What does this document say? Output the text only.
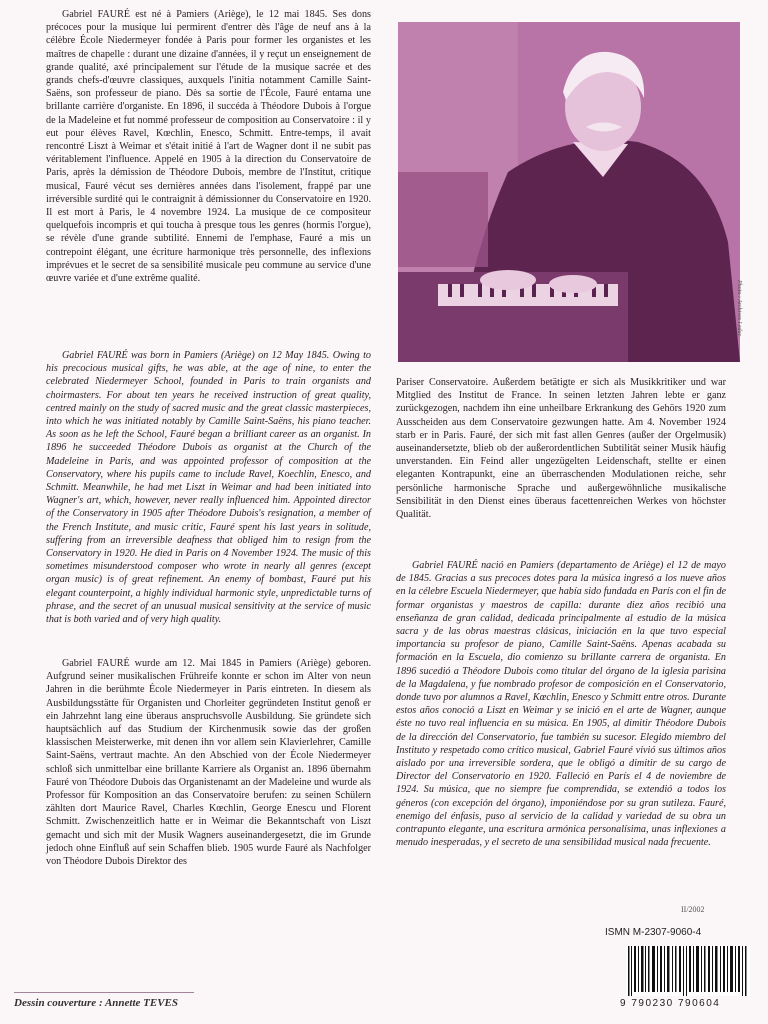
Gabriel FAURÉ est né à Pamiers (Ariège), le 12 mai 1845. Ses dons précoces pour la musique lui permirent d'entrer dès l'âge de neuf ans à la célèbre École Niedermeyer fondée à Paris pour former les organistes et les maîtres de chapelle : durant une dizaine d'années, il y reçut un enseignement de grande qualité, axé principalement sur l'étude de la musique sacrée et des grands chefs-d'œuvre classiques, auxquels l'initia notamment Camille Saint-Saëns, son professeur de piano. Dès sa sortie de l'École, Fauré entama une brillante carrière d'organiste. En 1896, il succéda à Théodore Dubois à l'orgue de la Madeleine et fut nommé professeur de composition au Conservatoire : il y eut pour élèves Ravel, Kœchlin, Enesco, Schmitt. Entre-temps, il avait rencontré Liszt à Weimar et s'était initié à l'art de Wagner dont il ne subit pas véritablement l'influence. Appelé en 1905 à la direction du Conservatoire de Paris, après la démission de Théodore Dubois, membre de l'Institut, critique musical, Fauré vécut ses dernières années dans l'isolement, frappé par une irréversible surdité qui le contraignit à démissionner du Conservatoire en 1920. Il est mort à Paris, le 4 novembre 1924. La musique de ce compositeur quelquefois incompris et qui toucha à presque tous les genres (hormis l'orgue), se révèle d'une grande subtilité. Ennemi de l'emphase, Fauré a mis un contrepoint élégant, une écriture harmonique très personnelle, des inflexions imprévues et le secret de sa sensibilité musicale peu commune au service d'une œuvre variée et d'une extrême qualité.

Gabriel FAURÉ was born in Pamiers (Ariège) on 12 May 1845. Owing to his precocious musical gifts, he was able, at the age of nine, to enter the celebrated Niedermeyer School, founded in Paris to train organists and choirmasters. For about ten years he received instruction of great quality, centred mainly on the study of sacred music and the great classic masterpieces, into which he was initiated notably by Camille Saint-Saëns, his piano teacher. As soon as he left the School, Fauré began a brilliant career as an organist. In 1896 he succeeded Théodore Dubois as organist at the Church of the Madeleine in Paris, and was appointed professor of composition at the Conservatory, where his pupils came to include Ravel, Koechlin, Enesco, and Schmitt. Meanwhile, he had met Liszt in Weimar and had been initiated into Wagner's art, which, however, never really influenced him. Appointed director of the Conservatory in 1905 after Théodore Dubois's resignation, a member of the French Institute, and music critic, Fauré spent his last years in solitude, suffering from an irreversible deafness that obliged him to resign from the Conservatory in 1920. He died in Paris on 4 November 1924. The music of this sometimes misunderstood composer who wrote in nearly all genres (except organ music) is of great refinement. An enemy of bombast, Fauré put his elegant counterpoint, a highly individual harmonic style, unpredictable turns of phrase, and the secret of an unusual musical sensitivity at the service of music that is both varied and of very high quality.

Gabriel FAURÉ wurde am 12. Mai 1845 in Pamiers (Ariège) geboren. Aufgrund seiner musikalischen Frühreife konnte er schon im Alter von neun Jahren in die berühmte École Niedermeyer in Paris eintreten. In diesem als Ausbildungsstätte für Organisten und Chorleiter gegründeten Institut genoß er ein Jahrzehnt lang eine überaus anspruchsvolle Ausbildung. Sie gründete sich hauptsächlich auf das Studium der Kirchenmusik sowie das der großen klassischen Meisterwerke, mit denen ihn vor allem sein Klavierlehrer, Camille Saint-Saëns, vertraut machte. An den Abschied von der École Niedermeyer schloß sich unmittelbar eine brillante Karriere als Organist an. 1896 übernahm Fauré von Théodore Dubois das Organistenamt an der Madeleine und wurde als Professor für Komposition an das Conservatoire berufen: zu seinen Schülern zählten dort Maurice Ravel, Charles Kœchlin, George Enescu und Florent Schmitt. Zwischenzeitlich hatte er in Weimar die Bekanntschaft von Liszt gemacht und sich mit der Musik Wagners auseinandergesetzt, die im Grunde jedoch ohne Einfluß auf sein Schaffen blieb. 1905 wurde Fauré als Nachfolger von Théodore Dubois Direktor des

Pariser Conservatoire. Außerdem betätigte er sich als Musikkritiker und war Mitglied des Institut de France. In seinen letzten Jahren lebte er ganz zurückgezogen, nachdem ihn eine unheilbare Erkrankung des Gehörs 1920 zum Ausscheiden aus dem Conservatoire gezwungen hatte. Am 4. November 1924 starb er in Paris. Fauré, der sich mit fast allen Genres (außer der Orgelmusik) auseinandersetzte, blieb ob der außerordentlichen Subtilität seiner Musik häufig unverstanden. Ein Feind aller ungezügelten Leidenschaft, stellte er einen eleganten Kontrapunkt, eine an überraschenden Modulationen reiche, sehr persönliche harmonische Sprache und außergewöhnliche musikalische Sensibilität in den Dienst eines überaus facettenreichen Werkes von höchster Qualität.

Gabriel FAURÉ nació en Pamiers (departamento de Ariège) el 12 de mayo de 1845. Gracias a sus precoces dotes para la música ingresó a los nueve años en la célebre Escuela Niedermeyer, que había sido fundada en París con el fin de formar organistas y maestros de capilla: durante diez años recibió una enseñanza de gran calidad, dedicada principalmente al estudio de la música sacra y de las obras maestras clásicas, iniciación en la que tuvo especial importancia su profesor de piano, Camille Saint-Saëns. Apenas acabada su formación en la Escuela, dio comienzo su brillante carrera de organista. En 1896 sucedió a Théodore Dubois como titular del órgano de la iglesia parisina de la Magdalena, y fue nombrado profesor de composición en el Conservatorio, donde tuvo por alumnos a Ravel, Kœchlin, Enesco y Schmitt entre otros. Durante estos años conoció a Liszt en Weimar y se inició en el arte de Wagner, aunque éste no tuvo real influencia en su música. En 1905, al dimitir Théodore Dubois de la dirección del Conservatorio, fue también su sucesor. Elegido miembro del Instituto y respetado como crítico musical, Gabriel Fauré vivió sus últimos años aislado por una irreversible sordera, que le obligó a dimitir de su cargo de Director del Conservatorio en 1920. Falleció en París el 4 de noviembre de 1924. Su música, que no siempre fue comprendida, se extendió a todos los géneros (con excepción del órgano), imponiéndose por su gran sutileza. Fauré, enemigo del énfasis, puso al servicio de la calidad y variedad de su obra un contrapunto elegante, una escritura armónica personalísima, unas inflexiones a menudo inesperadas, y el secreto de una sensibilidad musical nada frecuente.

Photo : Archives Leduc
II/2002
ISMN M-2307-9060-4
9 790230 790604
Dessin couverture : Annette TEVES
